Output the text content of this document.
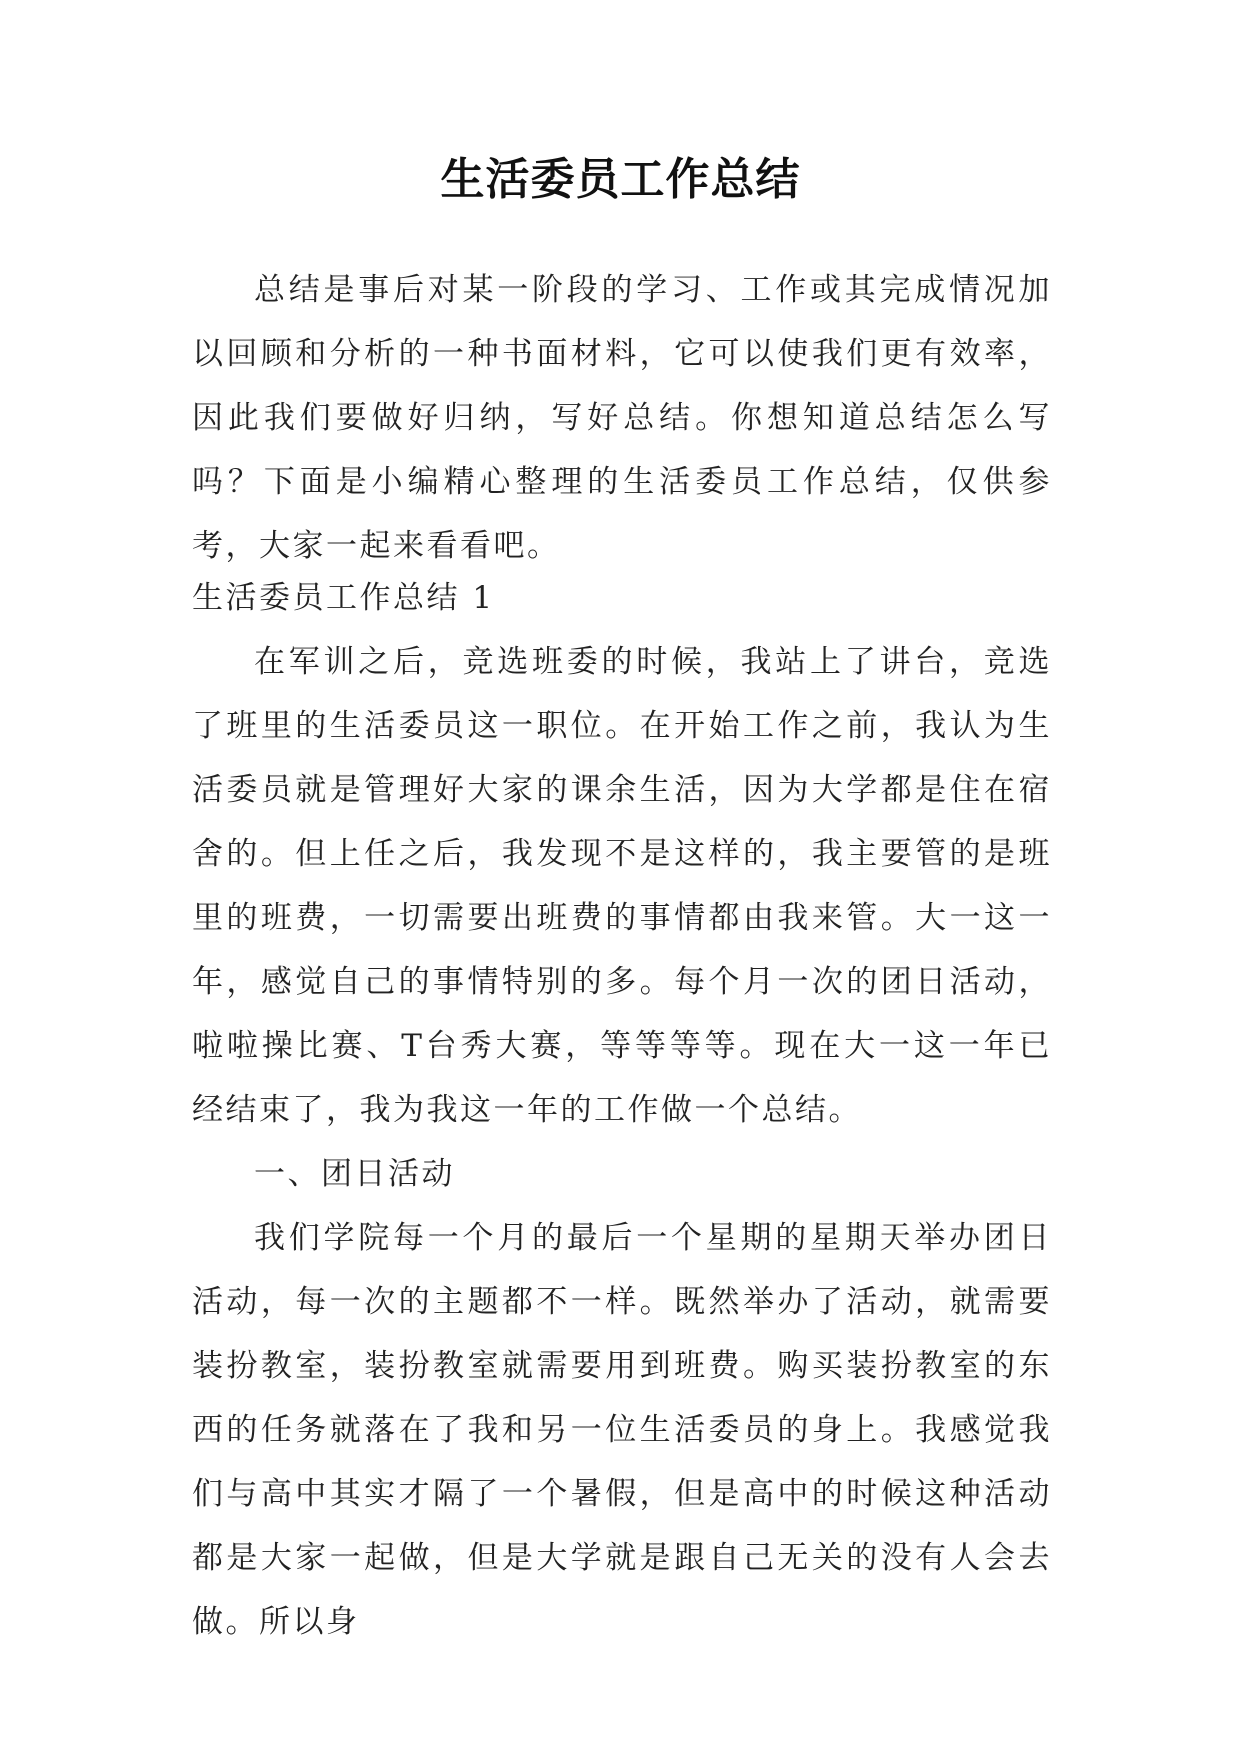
生活委员工作总结

总结是事后对某一阶段的学习、工作或其完成情况加以回顾和分析的一种书面材料，它可以使我们更有效率，因此我们要做好归纳，写好总结。你想知道总结怎么写吗？下面是小编精心整理的生活委员工作总结，仅供参考，大家一起来看看吧。

生活委员工作总结 1

在军训之后，竞选班委的时候，我站上了讲台，竞选了班里的生活委员这一职位。在开始工作之前，我认为生活委员就是管理好大家的课余生活，因为大学都是住在宿舍的。但上任之后，我发现不是这样的，我主要管的是班里的班费，一切需要出班费的事情都由我来管。大一这一年，感觉自己的事情特别的多。每个月一次的团日活动，啦啦操比赛、T台秀大赛，等等等等。现在大一这一年已经结束了，我为我这一年的工作做一个总结。

一、团日活动

我们学院每一个月的最后一个星期的星期天举办团日活动，每一次的主题都不一样。既然举办了活动，就需要装扮教室，装扮教室就需要用到班费。购买装扮教室的东西的任务就落在了我和另一位生活委员的身上。我感觉我们与高中其实才隔了一个暑假，但是高中的时候这种活动都是大家一起做，但是大学就是跟自己无关的没有人会去做。所以身
